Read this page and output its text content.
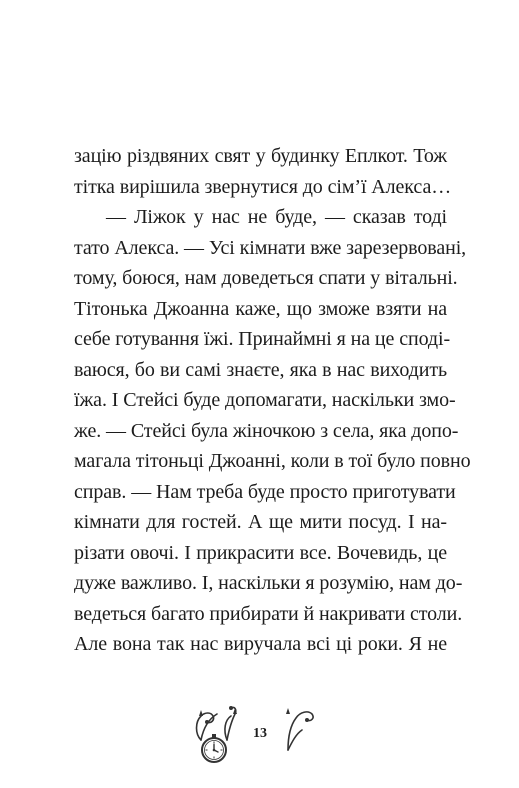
зацію різдвяних свят у будинку Еплкот. Тож
тітка вирішила звернутися до сім’ї Алекса…
— Ліжок у нас не буде, — сказав тоді
тато Алекса. — Усі кімнати вже зарезервовані,
тому, боюся, нам доведеться спати у вітальні.
Тітонька Джоанна каже, що зможе взяти на
себе готування їжі. Принаймні я на це споді-
ваюся, бо ви самі знаєте, яка в нас виходить
їжа. І Стейсі буде допомагати, наскільки змо-
же. — Стейсі була жіночкою з села, яка допо-
магала тітоньці Джоанні, коли в тої було повно
справ. — Нам треба буде просто приготувати
кімнати для гостей. А ще мити посуд. І на-
різати овочі. І прикрасити все. Вочевидь, це
дуже важливо. І, наскільки я розумію, нам до-
ведеться багато прибирати й накривати столи.
Але вона так нас виручала всі ці роки. Я не
13
